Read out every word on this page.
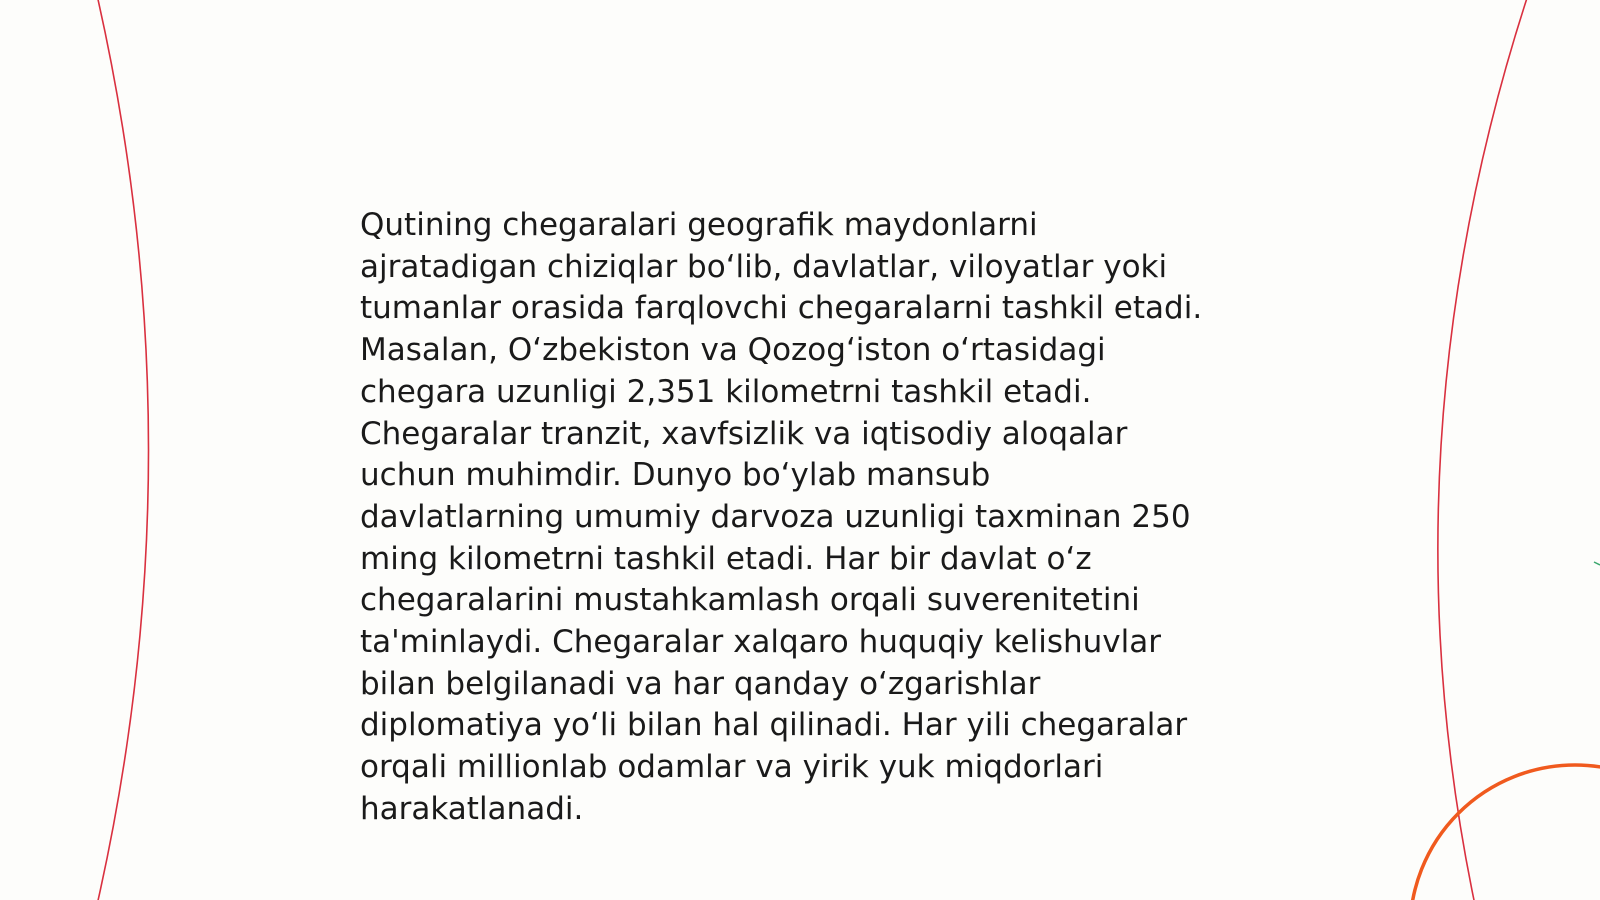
Qutining chegaralari geografik maydonlarni
ajratadigan chiziqlar bo‘lib, davlatlar, viloyatlar yoki
tumanlar orasida farqlovchi chegaralarni tashkil etadi.
Masalan, O‘zbekiston va Qozog‘iston o‘rtasidagi
chegara uzunligi 2,351 kilometrni tashkil etadi.
Chegaralar tranzit, xavfsizlik va iqtisodiy aloqalar
uchun muhimdir. Dunyo bo‘ylab mansub
davlatlarning umumiy darvoza uzunligi taxminan 250
ming kilometrni tashkil etadi. Har bir davlat o‘z
chegaralarini mustahkamlash orqali suverenitetini
ta'minlaydi. Chegaralar xalqaro huquqiy kelishuvlar
bilan belgilanadi va har qanday o‘zgarishlar
diplomatiya yo‘li bilan hal qilinadi. Har yili chegaralar
orqali millionlab odamlar va yirik yuk miqdorlari
harakatlanadi.
